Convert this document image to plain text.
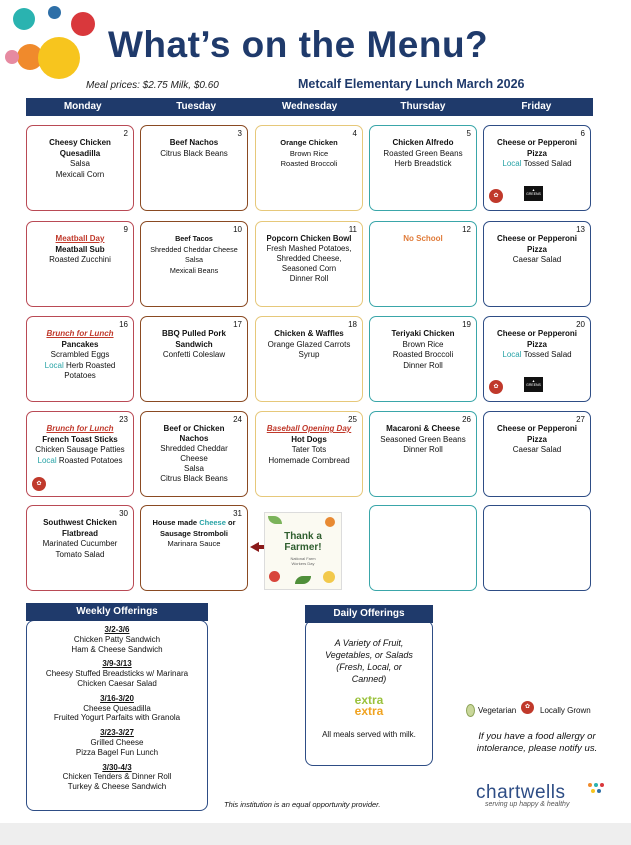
What’s on the Menu?
Meal prices: $2.75 Milk, $0.60	Metcalf Elementary Lunch March 2026
Monday	Tuesday	Wednesday	Thursday	Friday
2
Cheesy Chicken
Quesadilla
Salsa
Mexicali Corn
3
Beef Nachos
Citrus Black Beans
4
Orange Chicken
Brown Rice
Roasted Broccoli
5
Chicken Alfredo
Roasted Green Beans
Herb Breadstick
6
Cheese or Pepperoni
Pizza
Local Tossed Salad
✿
▲
GREENS
9
Meatball Day
Meatball Sub
Roasted Zucchini
10
Beef Tacos
Shredded Cheddar Cheese
Salsa
Mexicali Beans
11
Popcorn Chicken Bowl
Fresh Mashed Potatoes,
Shredded Cheese,
Seasoned Corn
Dinner Roll
12
No School
13
Cheese or Pepperoni
Pizza
Caesar Salad
16
Brunch for Lunch
Pancakes
Scrambled Eggs
Local Herb Roasted
Potatoes
17
BBQ Pulled Pork
Sandwich
Confetti Coleslaw
18
Chicken & Waffles
Orange Glazed Carrots
Syrup
19
Teriyaki Chicken
Brown Rice
Roasted Broccoli
Dinner Roll
20
Cheese or Pepperoni
Pizza
Local Tossed Salad
✿
▲
GREENS
23
Brunch for Lunch
French Toast Sticks
Chicken Sausage Patties
Local Roasted Potatoes
✿
24
Beef or Chicken
Nachos
Shredded Cheddar
Cheese
Salsa
Citrus Black Beans
25
Baseball Opening Day
Hot Dogs
Tater Tots
Homemade Cornbread
26
Macaroni & Cheese
Seasoned Green Beans
Dinner Roll
27
Cheese or Pepperoni
Pizza
Caesar Salad
30
Southwest Chicken
Flatbread
Marinated Cucumber
Tomato Salad
31
House made Cheese or
Sausage Stromboli
Marinara Sauce
Thank a
Farmer!
National Farm
Workers Day
3/2-3/6
Chicken Patty Sandwich
Ham & Cheese Sandwich
3/9-3/13
Cheesy Stuffed Breadsticks w/ Marinara
Chicken Caesar Salad
3/16-3/20
Cheese Quesadilla
Fruited Yogurt Parfaits with Granola
3/23-3/27
Grilled Cheese
Pizza Bagel Fun Lunch
3/30-4/3
Chicken Tenders & Dinner Roll
Turkey & Cheese Sandwich
Weekly Offerings
A Variety of Fruit,
Vegetables, or Salads
(Fresh, Local, or
Canned)
extra
extra
All meals served with milk.
Daily Offerings
Vegetarian	✿	Locally Grown
If you have a food allergy or intolerance, please notify us.
This institution is an equal opportunity provider.
chartwells
serving up happy & healthy
